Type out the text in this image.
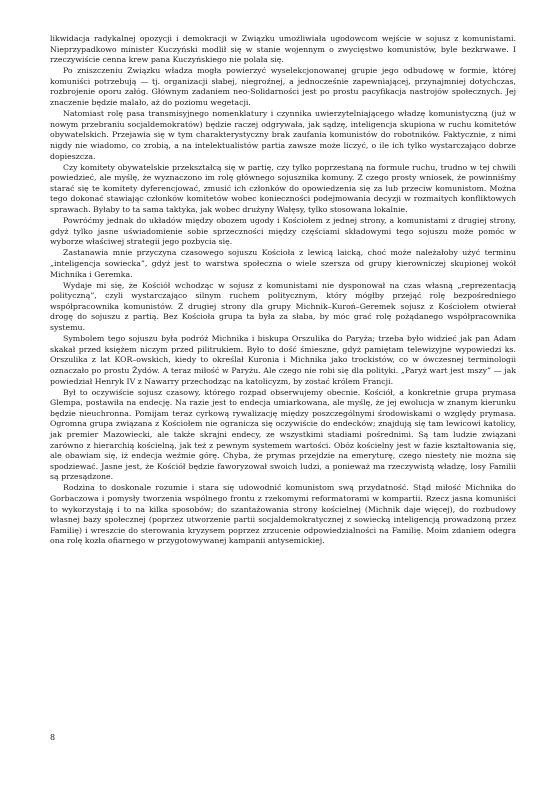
likwidacja radykalnej opozycji i demokracji w Związku umożliwiała ugodowcom wejście w sojusz z komunistami. Nieprzypadkowo minister Kuczyński modlił się w stanie wojennym o zwycięstwo komunistów, byle bezkrwawe. I rzeczywiście cenna krew pana Kuczyńskiego nie polała się.

Po zniszczeniu Związku władza mogła powierzyć wyselekcjonowanej grupie jego odbudowę w formie, której komuniści potrzebują — tj. organizacji słabej, niegroźnej, a jednocześnie zapewniającej, przynajmniej dotychczas, rozbrojenie oporu załóg. Głównym zadaniem neo-Solidarności jest po prostu pacyfikacja nastrojów społecznych. Jej znaczenie będzie malało, aż do poziomu wegetacji.

Natomiast rolę pasa transmisyjnego nomenklatury i czynnika uwierzytelniającego władzę komunistyczną (już w nowym przebraniu socjaldemokratów) będzie raczej odgrywała, jak sądzę, inteligencja skupiona w ruchu komitetów obywatelskich. Przejawia się w tym charakterystyczny brak zaufania komunistów do robotników. Faktycznie, z nimi nigdy nie wiadomo, co zrobią, a na intelektualistów partia zawsze może liczyć, o ile ich tylko wystarczająco dobrze dopieszcza.

Czy komitety obywatelskie przekształcą się w partię, czy tylko poprzestaną na formule ruchu, trudno w tej chwili powiedzieć, ale myślę, że wyznaczono im rolę głównego sojusznika komuny. Z czego prosty wniosek, że powinniśmy starać się te komitety dyferencjować, zmusić ich członków do opowiedzenia się za lub przeciw komunistom. Można tego dokonać stawiając członków komitetów wobec konieczności podejmowania decyzji w rozmaitych konfliktowych sprawach. Byłaby to ta sama taktyka, jak wobec drużyny Wałęsy, tylko stosowana lokalnie.

Powróćmy jednak do układów między obozem ugody i Kościołem z jednej strony, a komunistami z drugiej strony, gdyż tylko jasne uświadomienie sobie sprzeczności między częściami składowymi tego sojuszu może pomóc w wyborze właściwej strategii jego pozbycia się.

Zastanawia mnie przyczyna czasowego sojuszu Kościoła z lewicą laicką, choć może należałoby użyć terminu „inteligencja sowiecka”, gdyż jest to warstwa społeczna o wiele szersza od grupy kierowniczej skupionej wokół Michnika i Geremka.

Wydaje mi się, że Kościół wchodząc w sojusz z komunistami nie dysponował na czas własną „reprezentacją polityczną”, czyli wystarczająco silnym ruchem politycznym, który mógłby przejąć rolę bezpośredniego współpracownika komunistów. Z drugiej strony dla grupy Michnik–Kuroń–Geremek sojusz z Kościołem otwierał drogę do sojuszu z partią. Bez Kościoła grupa ta była za słaba, by móc grać rolę pożądanego współpracownika systemu.

Symbolem tego sojuszu była podróż Michnika i biskupa Orszulika do Paryża; trzeba było widzieć jak pan Adam skakał przed księżem niczym przed pilitrukiem. Było to dość śmieszne, gdyż pamiętam telewizyjne wypowiedzi ks. Orszulika z lat KOR–owskich, kiedy to określał Kuronia i Michnika jako trockistów, co w ówczesnej terminologii oznaczało po prostu Żydów. A teraz miłość w Paryżu. Ale czego nie robi się dla polityki. „Paryż wart jest mszy” — jak powiedział Henryk IV z Nawarry przechodząc na katolicyzm, by zostać królem Francji.

Był to oczywiście sojusz czasowy, którego rozpad obserwujemy obecnie. Kościół, a konkretnie grupa prymasa Glempa, postawiła na endecję. Na razie jest to endecja umiarkowana, ale myślę, że jej ewolucja w znanym kierunku będzie nieuchronna. Pomijam teraz cyrkową rywalizację między poszczególnymi środowiskami o względy prymasa. Ogromna grupa związana z Kościołem nie ogranicza się oczywiście do endecków; znajdują się tam lewicowi katolicy, jak premier Mazowiecki, ale także skrajni endecy, ze wszystkimi stadiami pośrednimi. Są tam ludzie związani zarówno z hierarchią kościelną, jak też z pewnym systemem wartości. Obóz kościelny jest w fazie kształtowania się, ale obawiam się, iż endecja weźmie górę. Chyba, że prymas przejdzie na emeryturę, czego niestety nie można się spodziewać. Jasne jest, że Kościół będzie faworyzował swoich ludzi, a ponieważ ma rzeczywistą władzę, losy Familii są przesądzone.

Rodzina to doskonale rozumie i stara się udowodnić komunistom swą przydatność. Stąd miłość Michnika do Gorbaczowa i pomysły tworzenia wspólnego frontu z rzekomymi reformatorami w kompartii. Rzecz jasna komuniści to wykorzystają i to na kilka sposobów; do szantażowania strony kościelnej (Michnik daje więcej), do rozbudowy własnej bazy społecznej (poprzez utworzenie partii socjaldemokratycznej z sowiecką inteligencją prowadzoną przez Familię) i wreszcie do sterowania kryzysem poprzez zrzucenie odpowiedzialności na Familię. Moim zdaniem odegra ona rolę kozła ofiarnego w przygotowywanej kampanii antysemickiej.

8
